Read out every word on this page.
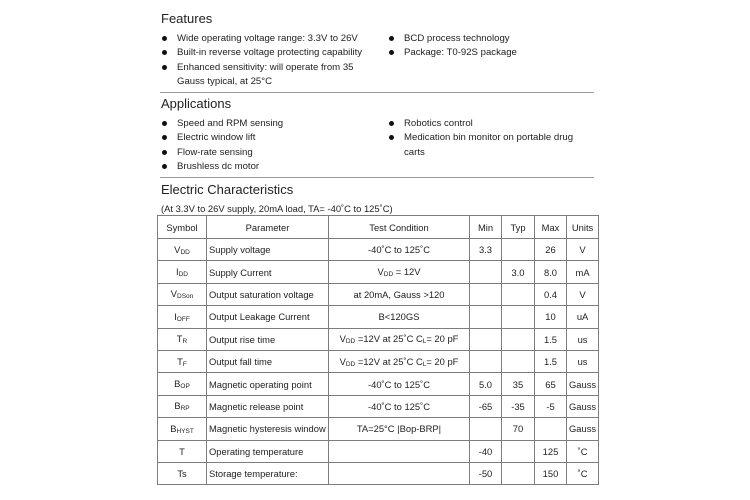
Features
Wide operating voltage range: 3.3V to 26V
Built-in reverse voltage protecting capability
Enhanced sensitivity: will operate from 35 Gauss typical, at 25°C
BCD process technology
Package: T0-92S package
Applications
Speed and RPM sensing
Electric window lift
Flow-rate sensing
Brushless dc motor
Robotics control
Medication bin monitor on portable drug carts
Electric Characteristics
(At 3.3V to 26V supply, 20mA load, TA= -40˚C to 125˚C)
Symbol	Parameter	Test Condition	Min	Typ	Max	Units
$V_{DD}$	Supply voltage	-40˚C to 125˚C	3.3		26	V
$I_{DD}$	Supply Current	$V_{DD} = 12V$		3.0	8.0	mA
$V_{DSon}$	Output saturation voltage	at 20mA, Gauss >120			0.4	V
$I_{OFF}$	Output Leakage Current	B<120GS			10	uA
$T_R$	Output rise time	$V_{DD} =12V$ at 25˚C $C_L= 20$ pF			1.5	us
$T_F$	Output fall time	$V_{DD} =12V$ at 25˚C $C_L= 20$ pF			1.5	us
$B_{OP}$	Magnetic operating point	-40˚C to 125˚C	5.0	35	65	Gauss
$B_{RP}$	Magnetic release point	-40˚C to 125˚C	-65	-35	-5	Gauss
$B_{HYST}$	Magnetic hysteresis window	TA=25°C |Bop-BRP|		70		Gauss
T	Operating temperature		-40		125	˚C
Ts	Storage temperature:		-50		150	˚C
